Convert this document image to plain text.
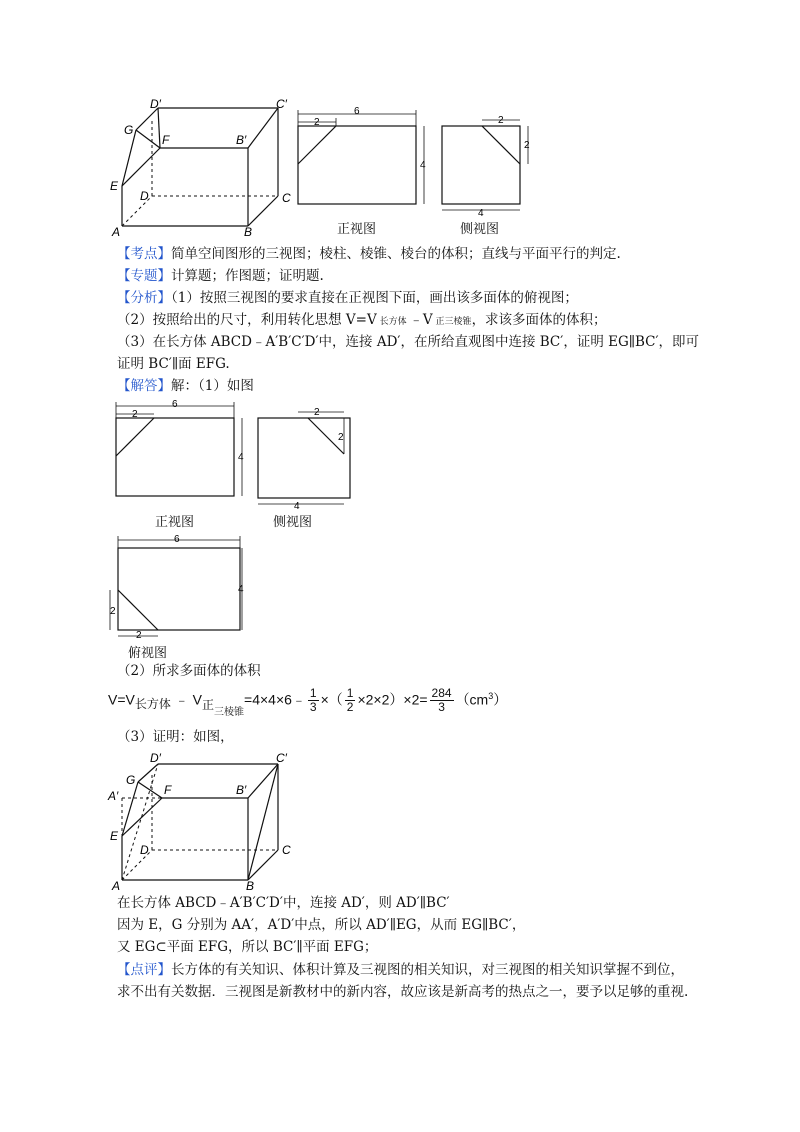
D′	C′
G
F	B′
E
D	C
A	B
6
2
4
正视图
2
2
4
侧视图
【考点】简单空间图形的三视图；棱柱、棱锥、棱台的体积；直线与平面平行的判定.
【专题】计算题；作图题；证明题.
【分析】（1）按照三视图的要求直接在正视图下面，画出该多面体的俯视图；
（2）按照给出的尺寸，利用转化思想 V=V 长方体 ﹣V 正三棱锥，求该多面体的体积；
（3）在长方体 ABCD﹣A′B′C′D′中，连接 AD′，在所给直观图中连接 BC′，证明 EG∥BC′，即可
证明 BC′∥面 EFG.
【解答】解：（1）如图
6
2
4
正视图
2
2
4
侧视图
6
4
2
2
俯视图
（2）所求多面体的体积
V=V长方体 ﹣ V正$_{三棱锥}$=4×4×6﹣ $\frac{1}{3}$ ×（ $\frac{1}{2} \times 2\times 2)\times 2= \frac{284}{3} (cm^3)$
（3）证明：如图，
D′	C′
G
A′	F	B′
E
D	C
A	B
在长方体 ABCD﹣A′B′C′D′中，连接 AD′，则 AD′∥BC′
因为 E，G 分别为 AA′，A′D′中点，所以 AD′∥EG，从而 EG∥BC′，
又 EG⊂平面 EFG，所以 BC′∥平面 EFG；
【点评】长方体的有关知识、体积计算及三视图的相关知识，对三视图的相关知识掌握不到位，
求不出有关数据．三视图是新教材中的新内容，故应该是新高考的热点之一，要予以足够的重视.
